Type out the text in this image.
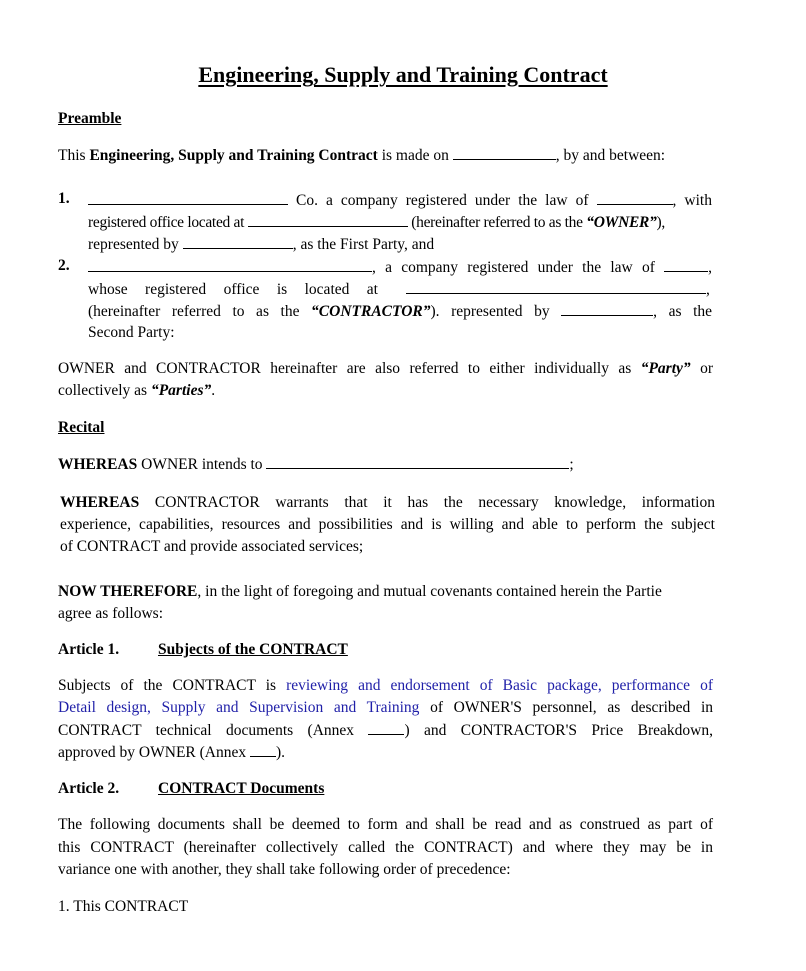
Engineering, Supply and Training Contract
Preamble
This Engineering, Supply and Training Contract is made on	, by and between:
1.	Co. a company registered under the law of	, with
registered office located at	(hereinafter referred to as the “OWNER”),
represented by	, as the First Party, and
2.	, a company registered under the law of	,
whose registered office is located at	,
(hereinafter referred to as the “CONTRACTOR”). represented by	, as the
Second Party:
OWNER and CONTRACTOR hereinafter are also referred to either individually as “Party” or
collectively as “Parties”.
Recital
WHEREAS OWNER intends to	;
WHEREAS CONTRACTOR warrants that it has the necessary knowledge, information
experience, capabilities, resources and possibilities and is willing and able to perform the subject
of CONTRACT and provide associated services;
NOW THEREFORE, in the light of foregoing and mutual covenants contained herein the Partie
agree as follows:
Article 1.	Subjects of the CONTRACT
Subjects of the CONTRACT is reviewing and endorsement of Basic package, performance of
Detail design, Supply and Supervision and Training of OWNER'S personnel, as described in
CONTRACT technical documents (Annex ) and CONTRACTOR'S Price Breakdown,
approved by OWNER (Annex ).
Article 2.	CONTRACT Documents
The following documents shall be deemed to form and shall be read and as construed as part of
this CONTRACT (hereinafter collectively called the CONTRACT) and where they may be in
variance one with another, they shall take following order of precedence:
1. This CONTRACT
